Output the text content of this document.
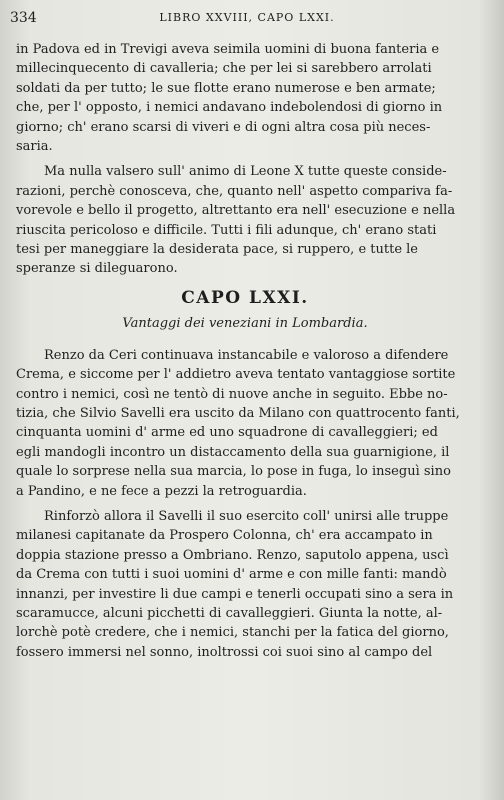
334	LIBRO XXVIII, CAPO LXXI.
in Padova ed in Trevigi aveva seimila uomini di buona fanteria e
millecinquecento di cavalleria; che per lei si sarebbero arrolati
soldati da per tutto; le sue flotte erano numerose e ben armate;
che, per l' opposto, i nemici andavano indebolendosi di giorno in
giorno; ch' erano scarsi di viveri e di ogni altra cosa più neces-
saria.
Ma nulla valsero sull' animo di Leone X tutte queste conside-
razioni, perchè conosceva, che, quanto nell' aspetto compariva fa-
vorevole e bello il progetto, altrettanto era nell' esecuzione e nella
riuscita pericoloso e difficile. Tutti i fili adunque, ch' erano stati
tesi per maneggiare la desiderata pace, si ruppero, e tutte le
speranze si dileguarono.
CAPO LXXI.
Vantaggi dei veneziani in Lombardia.
Renzo da Ceri continuava instancabile e valoroso a difendere
Crema, e siccome per l' addietro aveva tentato vantaggiose sortite
contro i nemici, così ne tentò di nuove anche in seguito. Ebbe no-
tizia, che Silvio Savelli era uscito da Milano con quattrocento fanti,
cinquanta uomini d' arme ed uno squadrone di cavalleggieri; ed
egli mandogli incontro un distaccamento della sua guarnigione, il
quale lo sorprese nella sua marcia, lo pose in fuga, lo inseguì sino
a Pandino, e ne fece a pezzi la retroguardia.
Rinforzò allora il Savelli il suo esercito coll' unirsi alle truppe
milanesi capitanate da Prospero Colonna, ch' era accampato in
doppia stazione presso a Ombriano. Renzo, saputolo appena, uscì
da Crema con tutti i suoi uomini d' arme e con mille fanti: mandò
innanzi, per investire li due campi e tenerli occupati sino a sera in
scaramucce, alcuni picchetti di cavalleggieri. Giunta la notte, al-
lorchè potè credere, che i nemici, stanchi per la fatica del giorno,
fossero immersi nel sonno, inoltrossi coi suoi sino al campo del
